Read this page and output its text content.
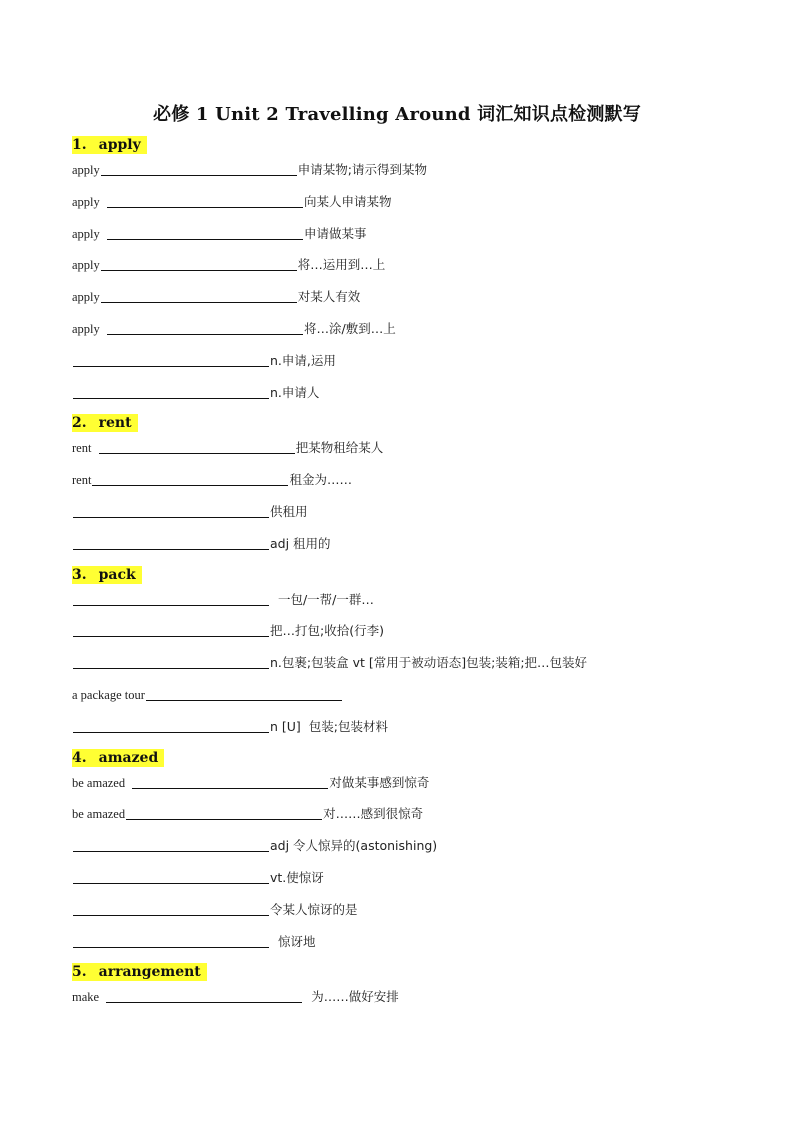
必修 1 Unit 2 Travelling Around 词汇知识点检测默写
1. apply
apply	申请某物;请示得到某物
apply	向某人申请某物
apply	申请做某事
apply	将…运用到…上
apply	对某人有效
apply	将…涂/敷到…上
n.申请,运用
n.申请人
2. rent
rent	把某物租给某人
rent	租金为……
供租用
adj 租用的
3. pack
一包/一帮/一群…
把…打包;收拾(行李)
n.包裹;包装盒 vt [常用于被动语态]包装;装箱;把…包装好
a package tour
n [U]  包装;包装材料
4. amazed
be amazed	对做某事感到惊奇
be amazed	对……感到很惊奇
adj 令人惊异的(astonishing)
vt.使惊讶
令某人惊讶的是
惊讶地
5. arrangement
make	为……做好安排
